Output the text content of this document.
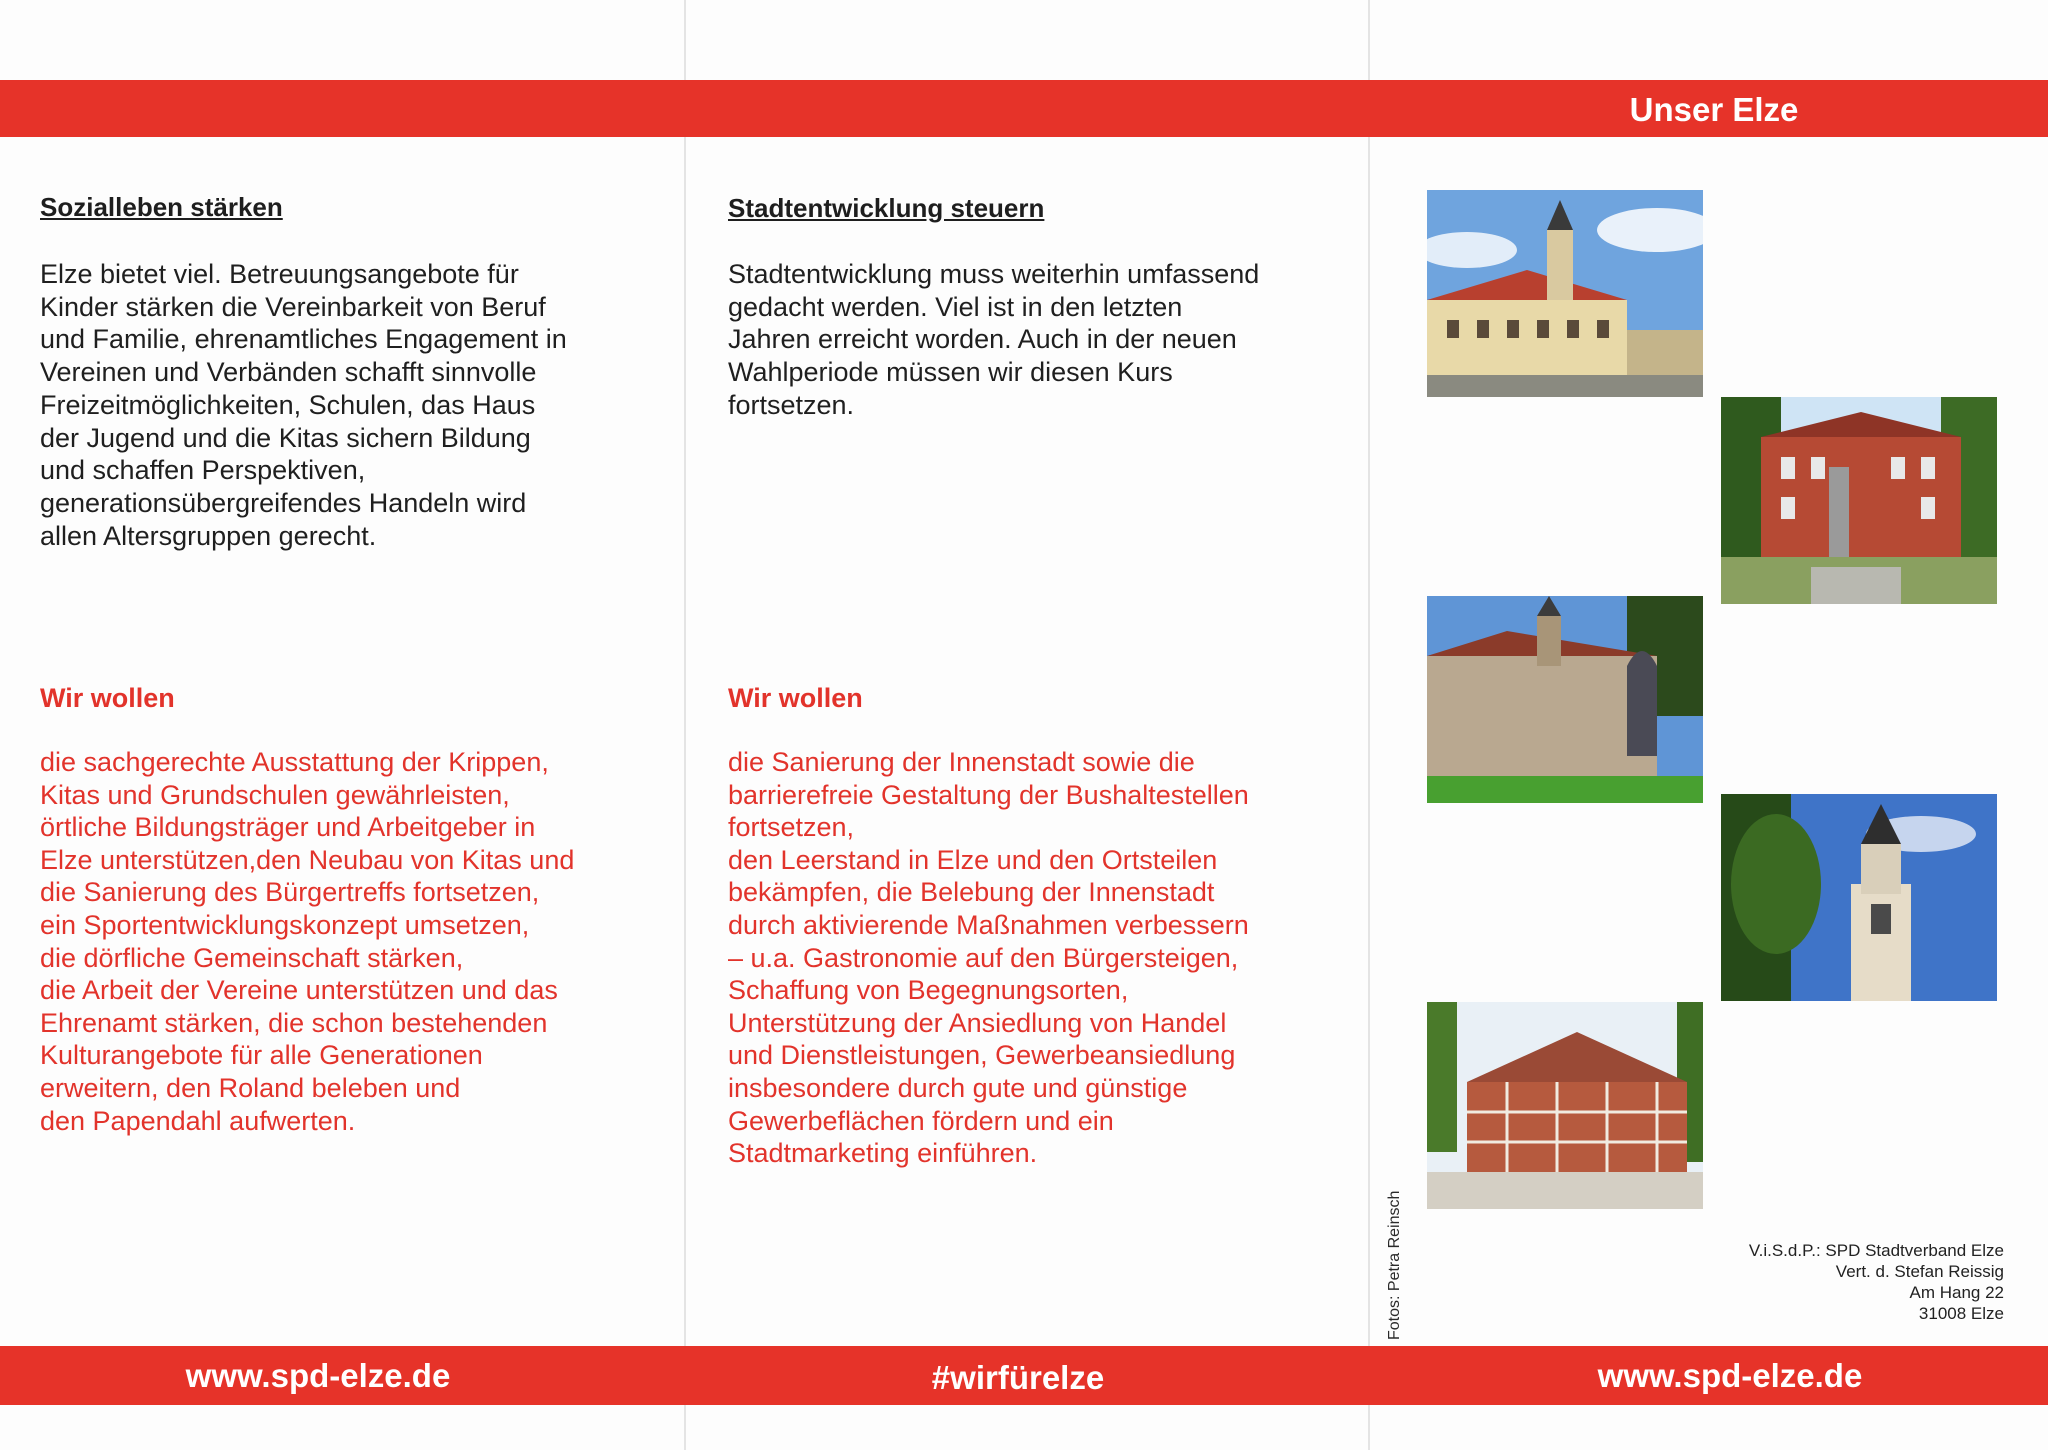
Unser Elze
Sozialleben stärken
Elze bietet viel. Betreuungsangebote für
Kinder stärken die Vereinbarkeit von Beruf
und Familie, ehrenamtliches Engagement in
Vereinen und Verbänden schafft sinnvolle
Freizeitmöglichkeiten, Schulen, das Haus
der Jugend und die Kitas sichern Bildung
und schaffen Perspektiven,
generationsübergreifendes Handeln wird
allen Altersgruppen gerecht.
Wir wollen
die sachgerechte Ausstattung der Krippen,
Kitas und Grundschulen gewährleisten,
örtliche Bildungsträger und Arbeitgeber in
Elze unterstützen,den Neubau von Kitas und
die Sanierung des Bürgertreffs fortsetzen,
ein Sportentwicklungskonzept umsetzen,
die dörfliche Gemeinschaft stärken,
die Arbeit der Vereine unterstützen und das
Ehrenamt stärken, die schon bestehenden
Kulturangebote für alle Generationen
erweitern, den Roland beleben und
den Papendahl aufwerten.
Stadtentwicklung steuern
Stadtentwicklung muss weiterhin umfassend
gedacht werden. Viel ist in den letzten
Jahren erreicht worden. Auch in der neuen
Wahlperiode müssen wir diesen Kurs
fortsetzen.
Wir wollen
die Sanierung der Innenstadt sowie die
barrierefreie Gestaltung der Bushaltestellen
fortsetzen,
den Leerstand in Elze und den Ortsteilen
bekämpfen, die Belebung der Innenstadt
durch aktivierende Maßnahmen verbessern
– u.a. Gastronomie auf den Bürgersteigen,
Schaffung von Begegnungsorten,
Unterstützung der Ansiedlung von Handel
und Dienstleistungen, Gewerbeansiedlung
insbesondere durch gute und günstige
Gewerbeflächen fördern und ein
Stadtmarketing einführen.
Fotos: Petra Reinsch	V.i.S.d.P.: SPD Stadtverband Elze
Vert. d. Stefan Reissig
Am Hang 22
31008 Elze
www.spd-elze.de	#wirfürelze	www.spd-elze.de
